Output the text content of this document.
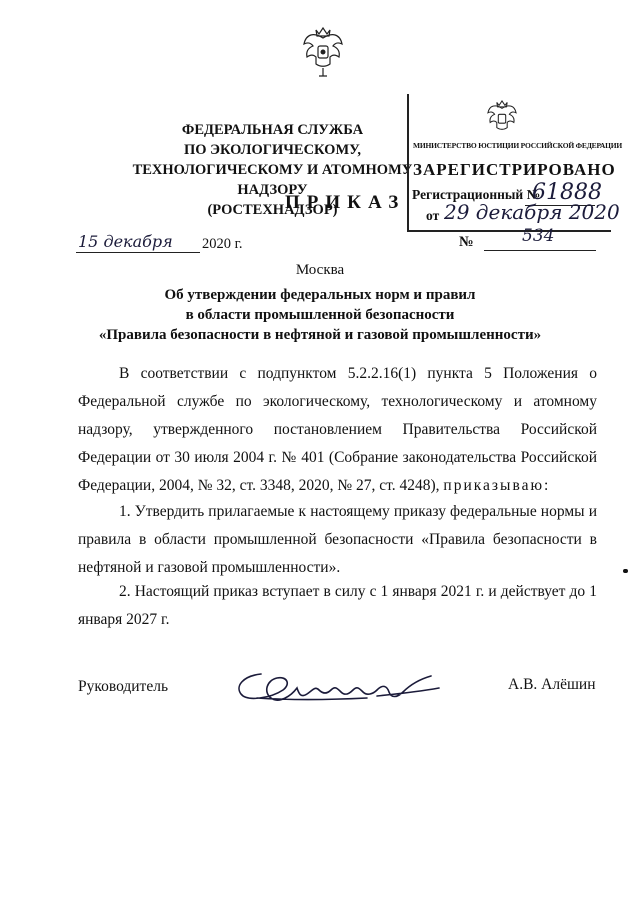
ФЕДЕРАЛЬНАЯ СЛУЖБА
ПО ЭКОЛОГИЧЕСКОМУ, ТЕХНОЛОГИЧЕСКОМУ И АТОМНОМУ НАДЗОРУ
(РОСТЕХНАДЗОР)
ПРИКАЗ
МИНИСТЕРСТВО ЮСТИЦИИ РОССИЙСКОЙ ФЕДЕРАЦИИ
ЗАРЕГИСТРИРОВАНО
Регистрационный №
61888
от 29 декабря 2020
15 декабря 2020 г.	№	534
Москва
Об утверждении федеральных норм и правил
в области промышленной безопасности
«Правила безопасности в нефтяной и газовой промышленности»

В соответствии с подпунктом 5.2.2.16(1) пункта 5 Положения о Федеральной службе по экологическому, технологическому и атомному надзору, утвержденного постановлением Правительства Российской Федерации от 30 июля 2004 г. № 401 (Собрание законодательства Российской Федерации, 2004, № 32, ст. 3348, 2020, № 27, ст. 4248), приказываю:

1. Утвердить прилагаемые к настоящему приказу федеральные нормы и правила в области промышленной безопасности «Правила безопасности в нефтяной и газовой промышленности».

2. Настоящий приказ вступает в силу с 1 января 2021 г. и действует до 1 января 2027 г.

Руководитель	А.В. Алёшин
